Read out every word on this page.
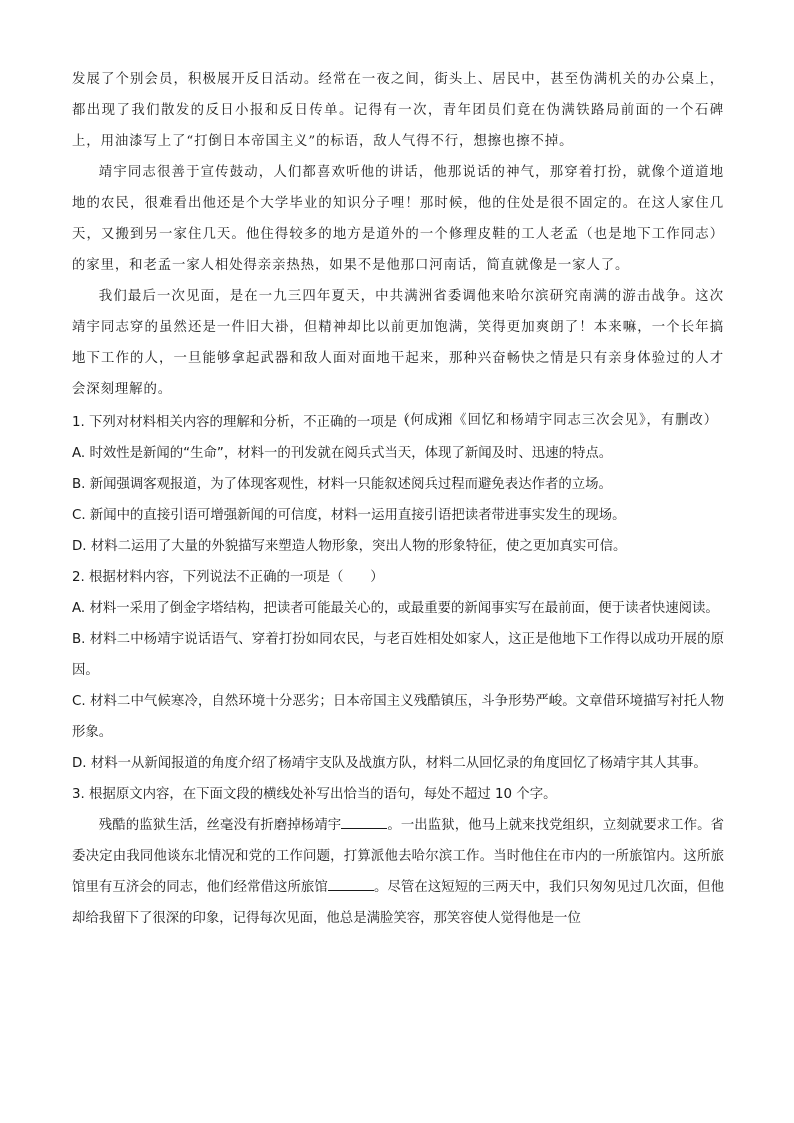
发展了个别会员，积极展开反日活动。经常在一夜之间，街头上、居民中，甚至伪满机关的办公桌上，都出现了我们散发的反日小报和反日传单。记得有一次，青年团员们竟在伪满铁路局前面的一个石碑上，用油漆写上了“打倒日本帝国主义”的标语，敌人气得不行，想擦也擦不掉。

靖宇同志很善于宣传鼓动，人们都喜欢听他的讲话，他那说话的神气，那穿着打扮，就像个道道地地的农民，很难看出他还是个大学毕业的知识分子哩！那时候，他的住处是很不固定的。在这人家住几天，又搬到另一家住几天。他住得较多的地方是道外的一个修理皮鞋的工人老孟（也是地下工作同志）的家里，和老孟一家人相处得亲亲热热，如果不是他那口河南话，简直就像是一家人了。

我们最后一次见面，是在一九三四年夏天，中共满洲省委调他来哈尔滨研究南满的游击战争。这次靖宇同志穿的虽然还是一件旧大褂，但精神却比以前更加饱满，笑得更加爽朗了！本来嘛，一个长年搞地下工作的人，一旦能够拿起武器和敌人面对面地干起来，那种兴奋畅快之情是只有亲身体验过的人才会深刻理解的。

（何成湘《回忆和杨靖宇同志三次会见》，有删改）

1. 下列对材料相关内容的理解和分析，不正确的一项是（　　）

A. 时效性是新闻的“生命”，材料一的刊发就在阅兵式当天，体现了新闻及时、迅速的特点。

B. 新闻强调客观报道，为了体现客观性，材料一只能叙述阅兵过程而避免表达作者的立场。

C. 新闻中的直接引语可增强新闻的可信度，材料一运用直接引语把读者带进事实发生的现场。

D. 材料二运用了大量的外貌描写来塑造人物形象，突出人物的形象特征，使之更加真实可信。

2. 根据材料内容，下列说法不正确的一项是（　　）

A. 材料一采用了倒金字塔结构，把读者可能最关心的，或最重要的新闻事实写在最前面，便于读者快速阅读。

B. 材料二中杨靖宇说话语气、穿着打扮如同农民，与老百姓相处如家人，这正是他地下工作得以成功开展的原因。

C. 材料二中气候寒冷，自然环境十分恶劣；日本帝国主义残酷镇压，斗争形势严峻。文章借环境描写衬托人物形象。

D. 材料一从新闻报道的角度介绍了杨靖宇支队及战旗方队，材料二从回忆录的角度回忆了杨靖宇其人其事。

3. 根据原文内容，在下面文段的横线处补写出恰当的语句，每处不超过 10 个字。

残酷的监狱生活，丝毫没有折磨掉杨靖宇	。一出监狱，他马上就来找党组织，立刻就要求工作。省委决定由我同他谈东北情况和党的工作问题，打算派他去哈尔滨工作。当时他住在市内的一所旅馆内。这所旅馆里有互济会的同志，他们经常借这所旅馆	。尽管在这短短的三两天中，我们只匆匆见过几次面，但他却给我留下了很深的印象，记得每次见面，他总是满脸笑容，那笑容使人觉得他是一位
